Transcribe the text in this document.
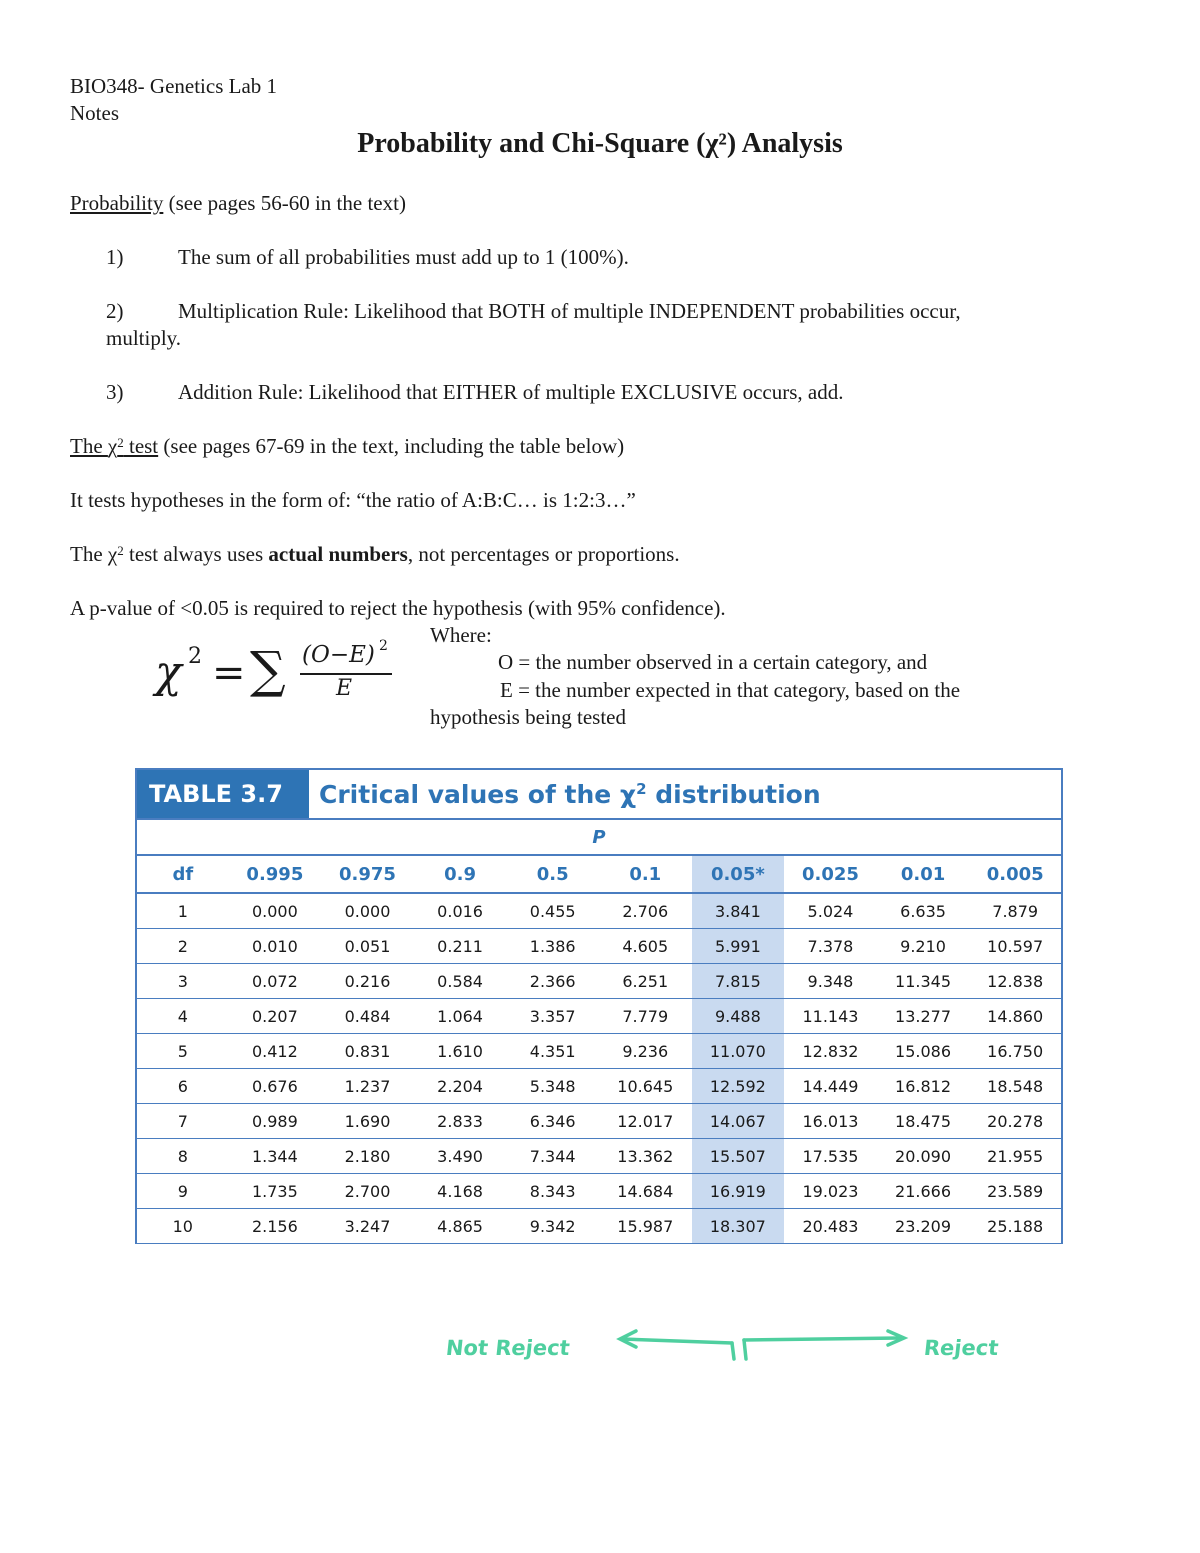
BIO348- Genetics Lab 1
Notes
Probability and Chi-Square (χ²) Analysis
Probability (see pages 56-60 in the text)
1)	The sum of all probabilities must add up to 1 (100%).
2)	Multiplication Rule: Likelihood that BOTH of multiple INDEPENDENT probabilities occur,
multiply.
3)	Addition Rule: Likelihood that EITHER of multiple EXCLUSIVE occurs, add.
The $\chi^2$ test (see pages 67-69 in the text, including the table below)
It tests hypotheses in the form of: “the ratio of A:B:C… is 1:2:3…”
The $\chi^2$ test always uses actual numbers, not percentages or proportions.
A p-value of <0.05 is required to reject the hypothesis (with 95% confidence).
χ 2 = ∑ (O−E) 2
E
Where:
O = the number observed in a certain category, and
E = the number expected in that category, based on the
hypothesis being tested
TABLE 3.7	Critical values of the $\chi^2$ distribution
P									
df	0.995	0.975	0.9	0.5	0.1	0.05*	0.025	0.01	0.005
1	0.000	0.000	0.016	0.455	2.706	3.841	5.024	6.635	7.879
2	0.010	0.051	0.211	1.386	4.605	5.991	7.378	9.210	10.597
3	0.072	0.216	0.584	2.366	6.251	7.815	9.348	11.345	12.838
4	0.207	0.484	1.064	3.357	7.779	9.488	11.143	13.277	14.860
5	0.412	0.831	1.610	4.351	9.236	11.070	12.832	15.086	16.750
6	0.676	1.237	2.204	5.348	10.645	12.592	14.449	16.812	18.548
7	0.989	1.690	2.833	6.346	12.017	14.067	16.013	18.475	20.278
8	1.344	2.180	3.490	7.344	13.362	15.507	17.535	20.090	21.955
9	1.735	2.700	4.168	8.343	14.684	16.919	19.023	21.666	23.589
10	2.156	3.247	4.865	9.342	15.987	18.307	20.483	23.209	25.188
Not Reject	Reject
